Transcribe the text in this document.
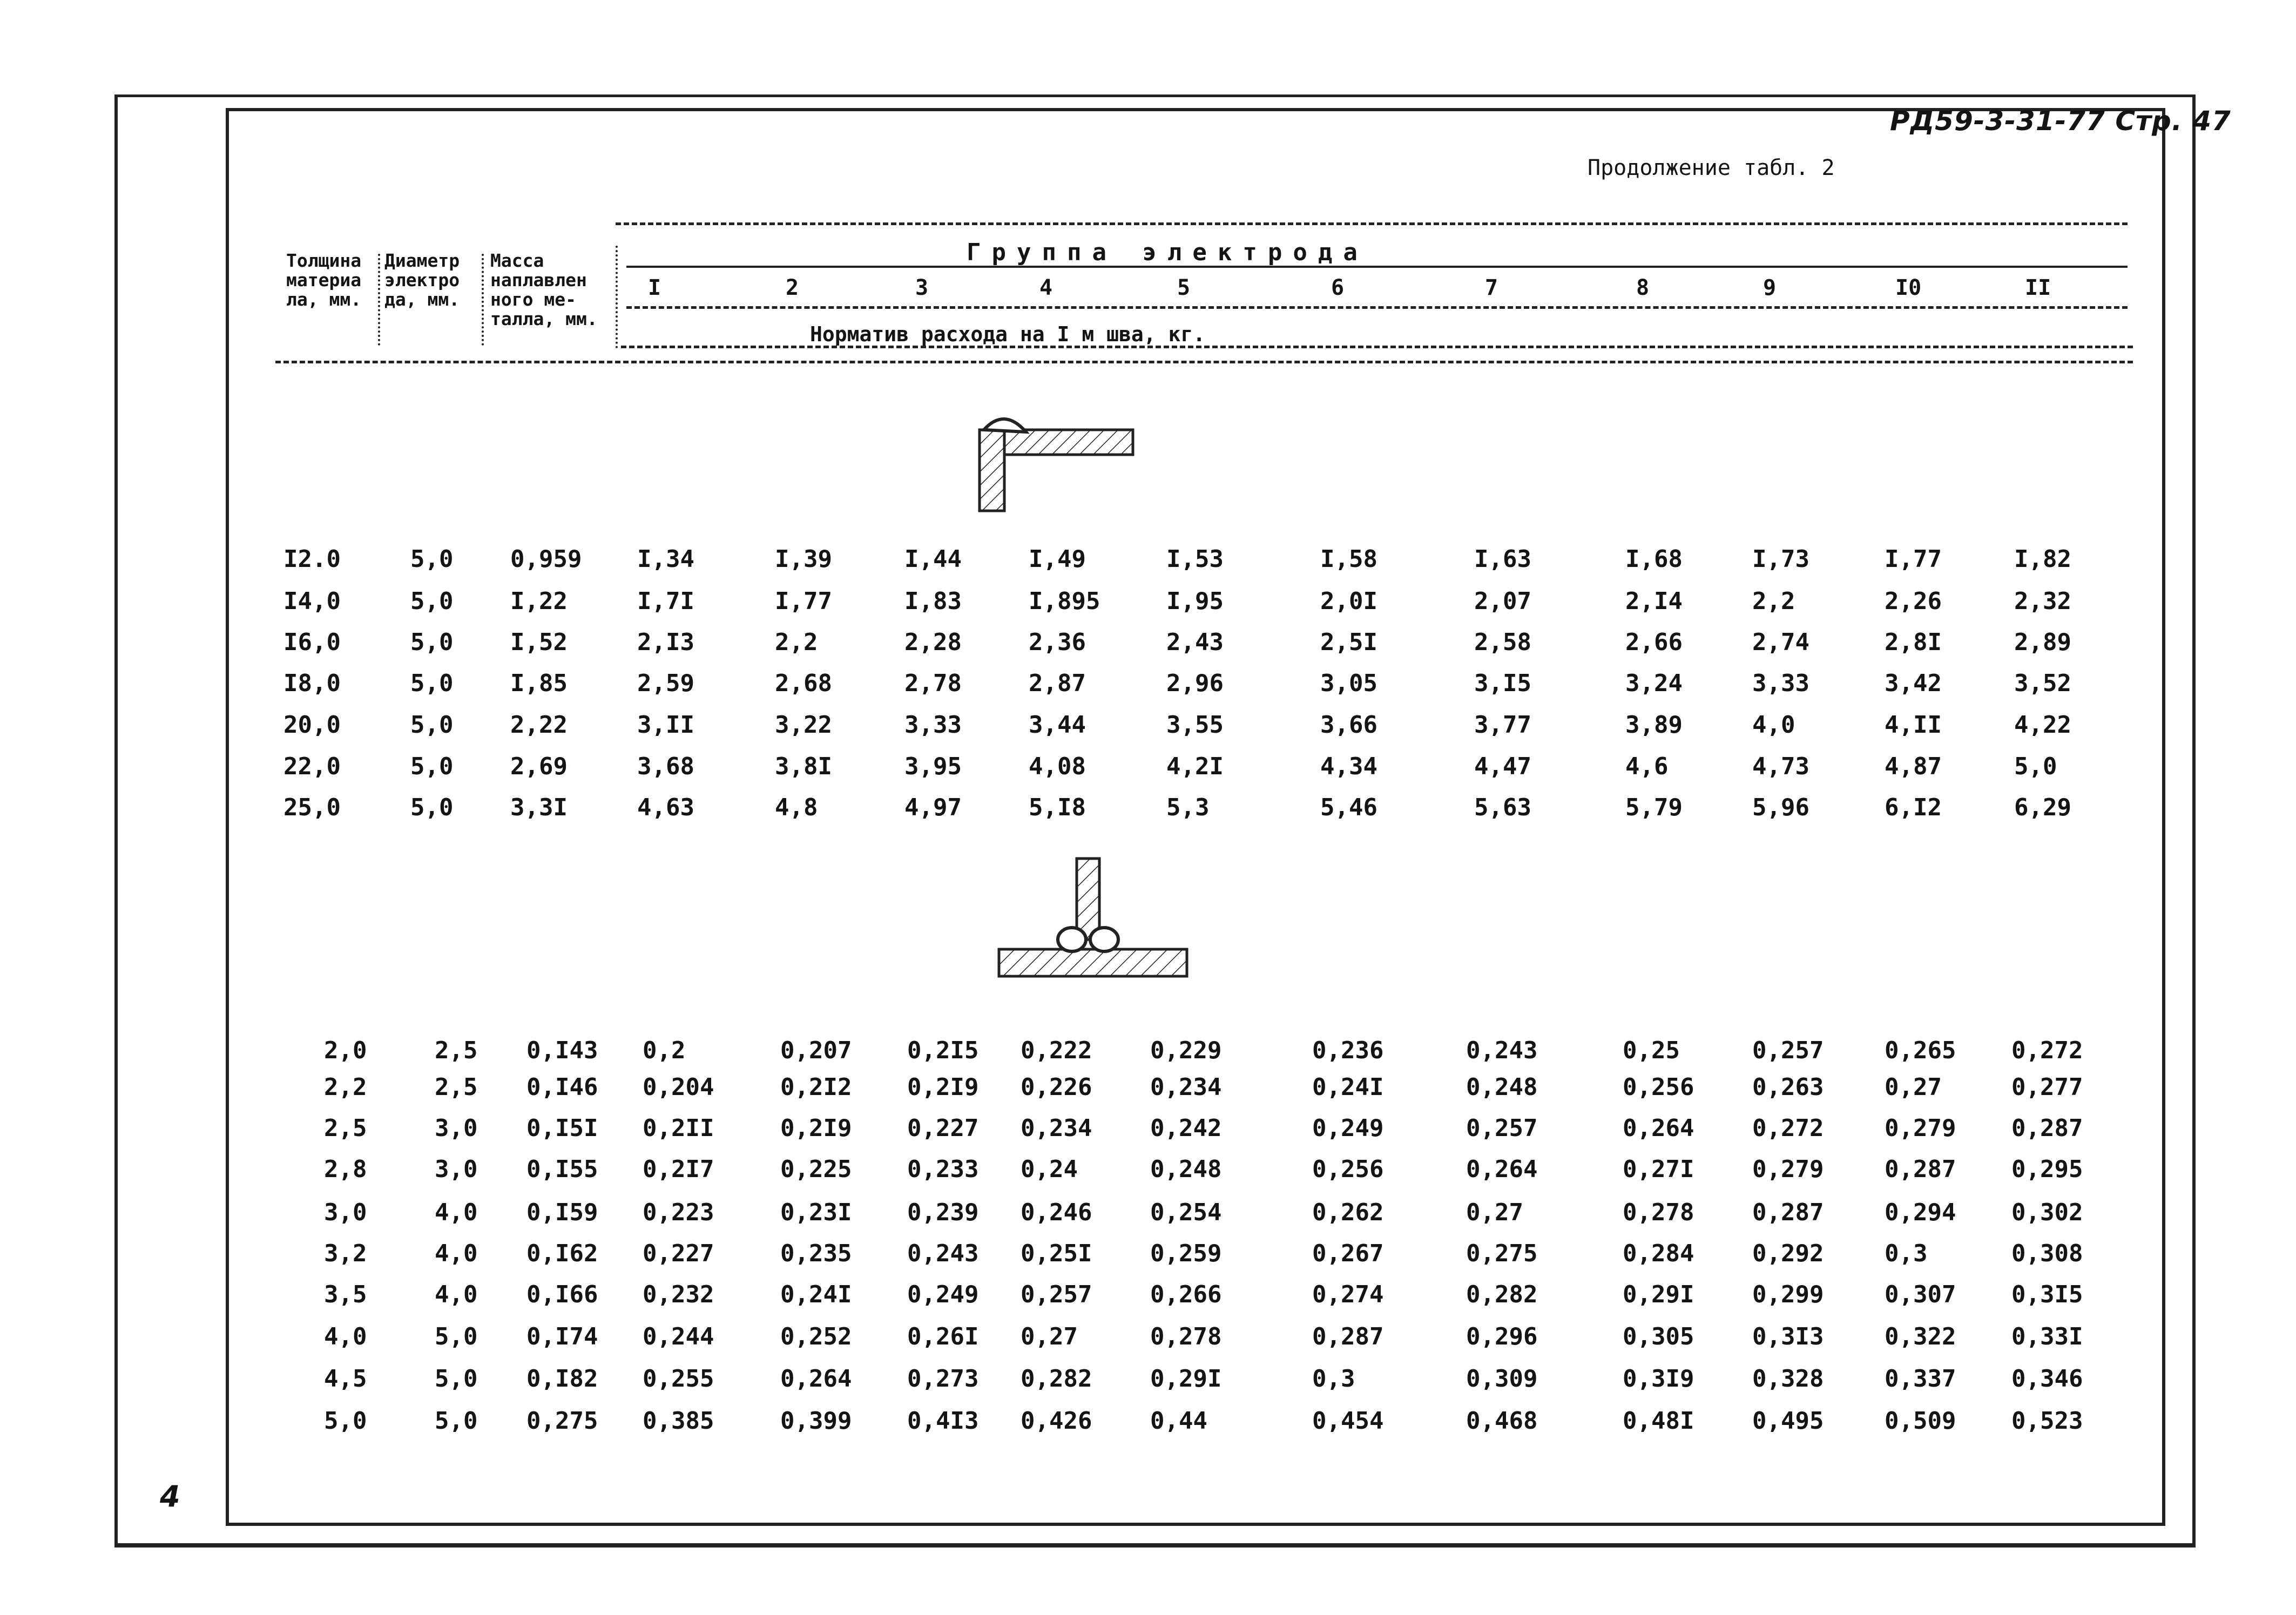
РД59-3-31-77 Стр. 47
Продолжение табл. 2
4
Толщина
материа
ла, мм.
Диаметр
электро
да, мм.
Масса
наплавлен
ного ме-
талла, мм.
Группа электрода
Норматив расхода на I м шва, кг.
I	2	3	4	5	6	7	8	9	I0	II
I2.0	5,0 0,959 I,34	I,39	I,44	I,49	I,53	I,58	I,63	I,68	I,73	I,77	I,82
I4,0	5,0 I,22	I,7I	I,77	I,83	I,895	I,95	2,0I	2,07	2,I4	2,2	2,26	2,32
I6,0	5,0 I,52	2,I3	2,2	2,28	2,36	2,43	2,5I	2,58	2,66	2,74	2,8I	2,89
I8,0	5,0 I,85	2,59	2,68	2,78	2,87	2,96	3,05	3,I5	3,24	3,33	3,42	3,52
20,0	5,0 2,22	3,II	3,22	3,33	3,44	3,55	3,66	3,77	3,89	4,0	4,II	4,22
22,0	5,0 2,69	3,68	3,8I	3,95	4,08	4,2I	4,34	4,47	4,6	4,73	4,87	5,0
25,0	5,0 3,3I	4,63	4,8	4,97	5,I8	5,3	5,46	5,63	5,79	5,96	6,I2	6,29
2,0	2,5 0,I43 0,2	0,207 0,2I5 0,222 0,229	0,236	0,243	0,25	0,257	0,265 0,272
2,2	2,5 0,I46 0,204	0,2I2 0,2I9 0,226 0,234	0,24I	0,248	0,256 0,263	0,27	0,277
2,5	3,0 0,I5I 0,2II	0,2I9 0,227 0,234 0,242	0,249	0,257	0,264 0,272	0,279 0,287
2,8	3,0 0,I55 0,2I7	0,225 0,233 0,24	0,248	0,256	0,264	0,27I 0,279	0,287 0,295
3,0	4,0 0,I59 0,223	0,23I 0,239 0,246 0,254	0,262	0,27	0,278 0,287	0,294 0,302
3,2	4,0 0,I62 0,227	0,235 0,243 0,25I 0,259	0,267	0,275	0,284 0,292	0,3	0,308
3,5	4,0 0,I66 0,232	0,24I 0,249 0,257 0,266	0,274	0,282	0,29I 0,299	0,307 0,3I5
4,0	5,0 0,I74 0,244	0,252 0,26I 0,27	0,278	0,287	0,296	0,305 0,3I3	0,322 0,33I
4,5	5,0 0,I82 0,255	0,264 0,273 0,282 0,29I	0,3	0,309	0,3I9 0,328	0,337 0,346
5,0	5,0 0,275 0,385	0,399 0,4I3 0,426 0,44	0,454	0,468	0,48I 0,495	0,509 0,523
